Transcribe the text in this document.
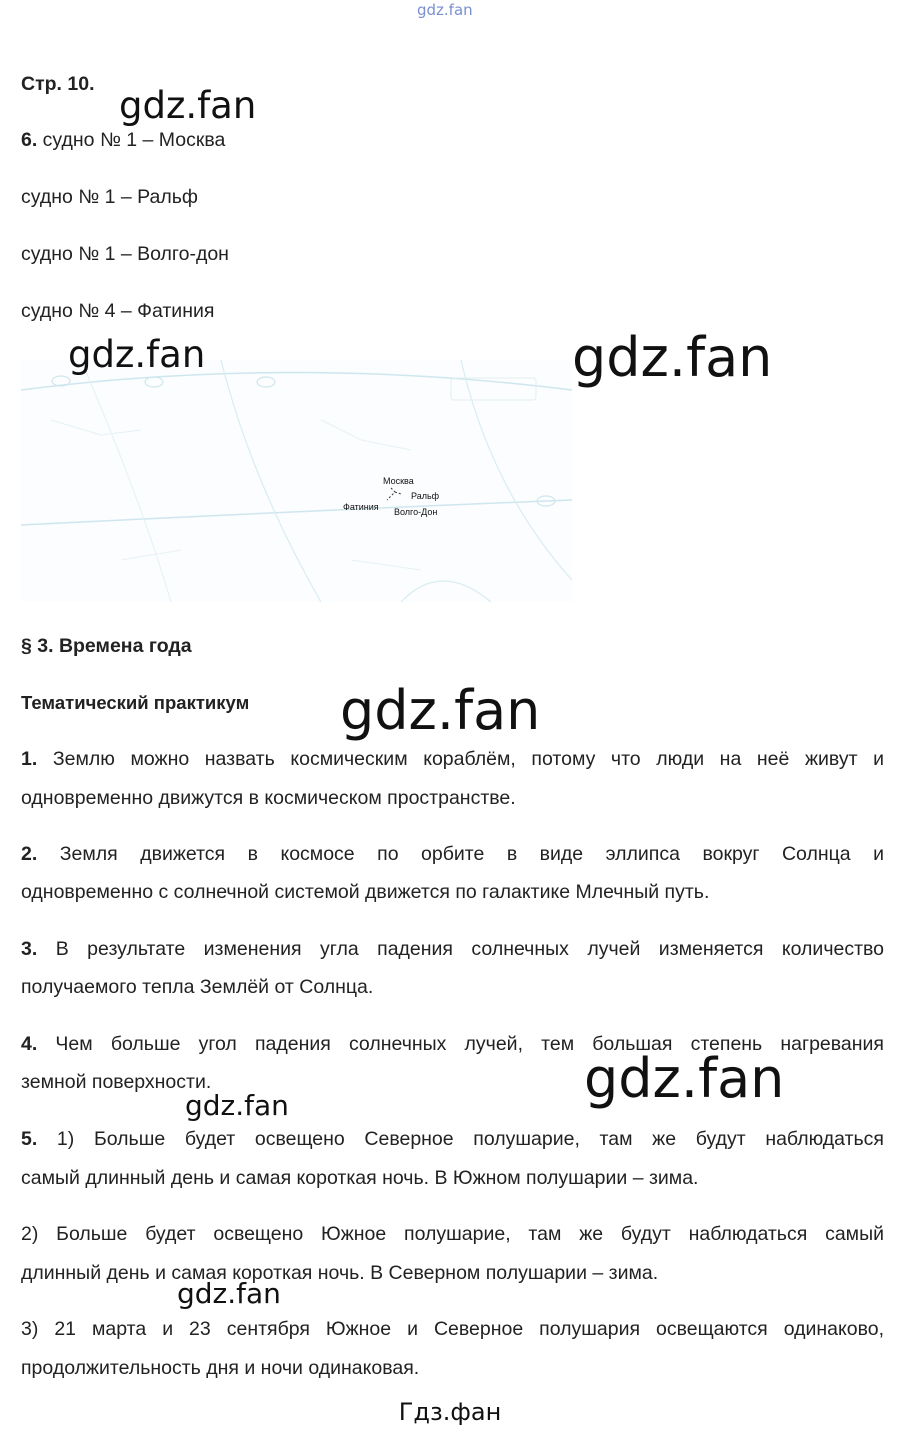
gdz.fan
Стр. 10.
6. судно № 1 – Москва
судно № 1 – Ральф
судно № 1 – Волго-дон
судно № 4 – Фатиния
Москва
Ральф
Фатиния Волго-Дон
§ 3. Времена года
Тематический практикум
1. Землю можно назвать космическим кораблём, потому что люди на неё живут и
одновременно движутся в космическом пространстве.
2. Земля движется в космосе по орбите в виде эллипса вокруг Солнца и
одновременно с солнечной системой движется по галактике Млечный путь.
3. В результате изменения угла падения солнечных лучей изменяется количество
получаемого тепла Землёй от Солнца.
4. Чем больше угол падения солнечных лучей, тем большая степень нагревания
земной поверхности.
5. 1) Больше будет освещено Северное полушарие, там же будут наблюдаться
самый длинный день и самая короткая ночь. В Южном полушарии – зима.
2) Больше будет освещено Южное полушарие, там же будут наблюдаться самый
длинный день и самая короткая ночь. В Северном полушарии – зима.
3) 21 марта и 23 сентября Южное и Северное полушария освещаются одинаково,
продолжительность дня и ночи одинаковая.
gdz.fan
gdz.fan	gdz.fan
gdz.fan
gdz.fan
gdz.fan
gdz.fan
Гдз.фан
